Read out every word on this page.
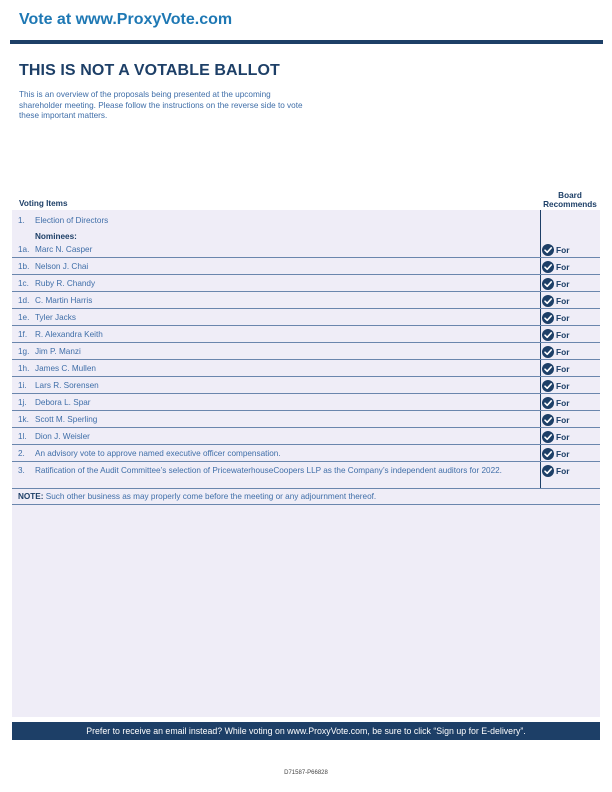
Vote at www.ProxyVote.com
THIS IS NOT A VOTABLE BALLOT
This is an overview of the proposals being presented at the upcoming shareholder meeting. Please follow the instructions on the reverse side to vote these important matters.
Voting Items
Board
Recommends
1. Election of Directors
Nominees:
1a. Marc N. Casper	For
1b. Nelson J. Chai	For
1c. Ruby R. Chandy	For
1d. C. Martin Harris	For
1e. Tyler Jacks	For
1f. R. Alexandra Keith	For
1g. Jim P. Manzi	For
1h. James C. Mullen	For
1i. Lars R. Sorensen	For
1j. Debora L. Spar	For
1k. Scott M. Sperling	For
1l. Dion J. Weisler	For
2. An advisory vote to approve named executive officer compensation.	For
3. Ratification of the Audit Committee’s selection of PricewaterhouseCoopers LLP as the Company’s independent auditors for 2022.	For
NOTE: Such other business as may properly come before the meeting or any adjournment thereof.
Prefer to receive an email instead? While voting on www.ProxyVote.com, be sure to click “Sign up for E-delivery”.
D71587-P66828
